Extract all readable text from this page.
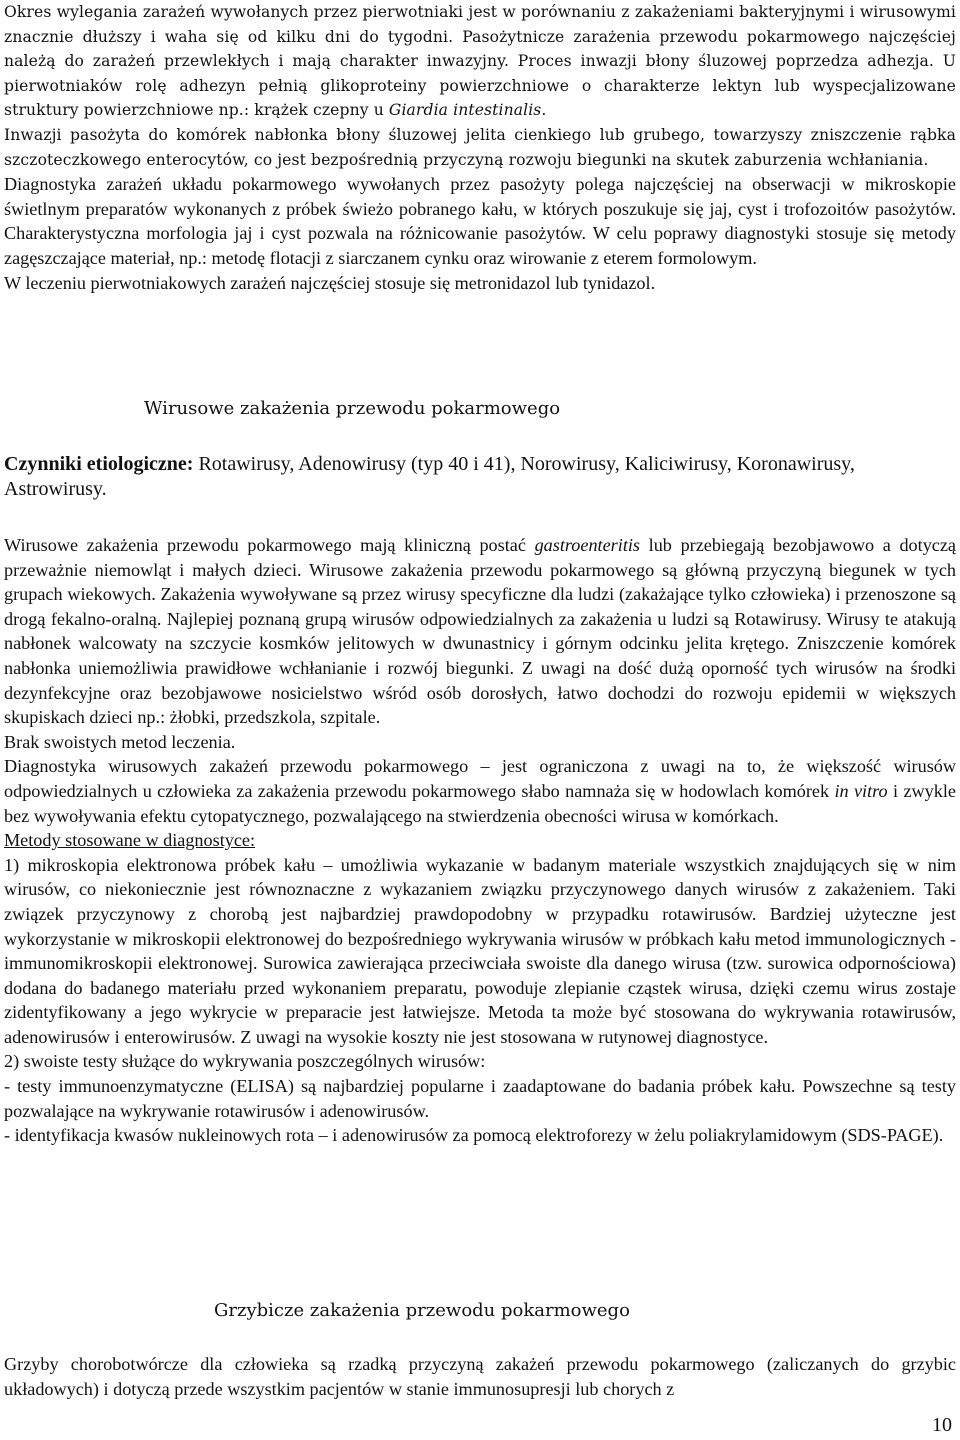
Okres wylegania zarażeń wywołanych przez pierwotniaki jest w porównaniu z zakażeniami bakteryjnymi i wirusowymi znacznie dłuższy i waha się od kilku dni do tygodni. Pasożytnicze zarażenia przewodu pokarmowego najczęściej należą do zarażeń przewlekłych i mają charakter inwazyjny. Proces inwazji błony śluzowej poprzedza adhezja. U pierwotniaków rolę adhezyn pełnią glikoproteiny powierzchniowe o charakterze lektyn lub wyspecjalizowane struktury powierzchniowe np.: krążek czepny u Giardia intestinalis.

Inwazji pasożyta do komórek nabłonka błony śluzowej jelita cienkiego lub grubego, towarzyszy zniszczenie rąbka szczoteczkowego enterocytów, co jest bezpośrednią przyczyną rozwoju biegunki na skutek zaburzenia wchłaniania.

Diagnostyka zarażeń układu pokarmowego wywołanych przez pasożyty polega najczęściej na obserwacji w mikroskopie świetlnym preparatów wykonanych z próbek świeżo pobranego kału, w których poszukuje się jaj, cyst i trofozoitów pasożytów. Charakterystyczna morfologia jaj i cyst pozwala na różnicowanie pasożytów. W celu poprawy diagnostyki stosuje się metody zagęszczające materiał, np.: metodę flotacji z siarczanem cynku oraz wirowanie z eterem formolowym.

W leczeniu pierwotniakowych zarażeń najczęściej stosuje się metronidazol lub tynidazol.

Wirusowe zakażenia przewodu pokarmowego
Czynniki etiologiczne: Rotawirusy, Adenowirusy (typ 40 i 41), Norowirusy, Kaliciwirusy, Koronawirusy, Astrowirusy.

Wirusowe zakażenia przewodu pokarmowego mają kliniczną postać gastroenteritis lub przebiegają bezobjawowo a dotyczą przeważnie niemowląt i małych dzieci. Wirusowe zakażenia przewodu pokarmowego są główną przyczyną biegunek w tych grupach wiekowych. Zakażenia wywoływane są przez wirusy specyficzne dla ludzi (zakażające tylko człowieka) i przenoszone są drogą fekalno-oralną. Najlepiej poznaną grupą wirusów odpowiedzialnych za zakażenia u ludzi są Rotawirusy. Wirusy te atakują nabłonek walcowaty na szczycie kosmków jelitowych w dwunastnicy i górnym odcinku jelita krętego. Zniszczenie komórek nabłonka uniemożliwia prawidłowe wchłanianie i rozwój biegunki. Z uwagi na dość dużą oporność tych wirusów na środki dezynfekcyjne oraz bezobjawowe nosicielstwo wśród osób dorosłych, łatwo dochodzi do rozwoju epidemii w większych skupiskach dzieci np.: żłobki, przedszkola, szpitale.

Brak swoistych metod leczenia.

Diagnostyka wirusowych zakażeń przewodu pokarmowego – jest ograniczona z uwagi na to, że większość wirusów odpowiedzialnych u człowieka za zakażenia przewodu pokarmowego słabo namnaża się w hodowlach komórek in vitro i zwykle bez wywoływania efektu cytopatycznego, pozwalającego na stwierdzenia obecności wirusa w komórkach.

Metody stosowane w diagnostyce:

1) mikroskopia elektronowa próbek kału – umożliwia wykazanie w badanym materiale wszystkich znajdujących się w nim wirusów, co niekoniecznie jest równoznaczne z wykazaniem związku przyczynowego danych wirusów z zakażeniem. Taki związek przyczynowy z chorobą jest najbardziej prawdopodobny w przypadku rotawirusów. Bardziej użyteczne jest wykorzystanie w mikroskopii elektronowej do bezpośredniego wykrywania wirusów w próbkach kału metod immunologicznych - immunomikroskopii elektronowej. Surowica zawierająca przeciwciała swoiste dla danego wirusa (tzw. surowica odpornościowa) dodana do badanego materiału przed wykonaniem preparatu, powoduje zlepianie cząstek wirusa, dzięki czemu wirus zostaje zidentyfikowany a jego wykrycie w preparacie jest łatwiejsze. Metoda ta może być stosowana do wykrywania rotawirusów, adenowirusów i enterowirusów. Z uwagi na wysokie koszty nie jest stosowana w rutynowej diagnostyce.

2) swoiste testy służące do wykrywania poszczególnych wirusów:

- testy immunoenzymatyczne (ELISA) są najbardziej popularne i zaadaptowane do badania próbek kału. Powszechne są testy pozwalające na wykrywanie rotawirusów i adenowirusów.

- identyfikacja kwasów nukleinowych rota – i adenowirusów za pomocą elektroforezy w żelu poliakrylamidowym (SDS-PAGE).

Grzybicze zakażenia przewodu pokarmowego

Grzyby chorobotwórcze dla człowieka są rzadką przyczyną zakażeń przewodu pokarmowego (zaliczanych do grzybic układowych) i dotyczą przede wszystkim pacjentów w stanie immunosupresji lub chorych z

10
